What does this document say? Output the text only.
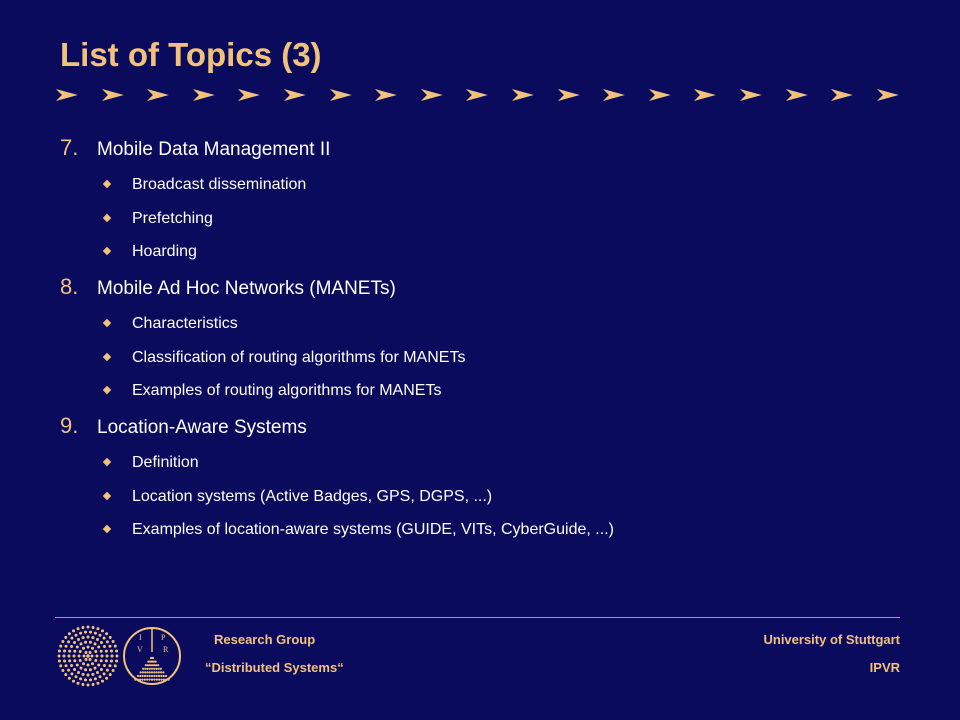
List of Topics (3)
7. Mobile Data Management II
Broadcast dissemination
Prefetching
Hoarding
8. Mobile Ad Hoc Networks (MANETs)
Characteristics
Classification of routing algorithms for MANETs
Examples of routing algorithms for MANETs
9. Location-Aware Systems
Definition
Location systems (Active Badges, GPS, DGPS, ...)
Examples of location-aware systems (GUIDE, VITs, CyberGuide, ...)
I P
V	R
Research Group
“Distributed Systems“
University of Stuttgart
IPVR
